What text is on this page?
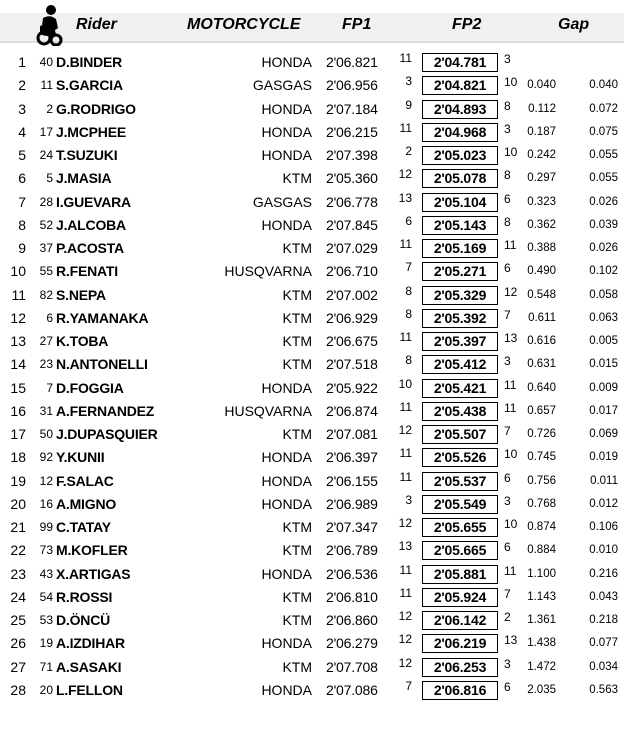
Rider	MOTORCYCLE	FP1	FP2	Gap
1 40 D.BINDER	HONDA 2'06.821 11	2'04.781	3
2 11 S.GARCIA	GASGAS 2'06.956 3	2'04.821	10 0.040	0.040
3 2 G.RODRIGO	HONDA 2'07.184 9	2'04.893	8 0.112	0.072
4 17 J.MCPHEE	HONDA 2'06.215 11	2'04.968	3 0.187	0.075
5 24 T.SUZUKI	HONDA 2'07.398 2	2'05.023	10 0.242	0.055
6 5 J.MASIA	KTM 2'05.360 12	2'05.078	8 0.297	0.055
7 28 I.GUEVARA	GASGAS 2'06.778 13	2'05.104	6 0.323	0.026
8 52 J.ALCOBA	HONDA 2'07.845 6	2'05.143	8 0.362	0.039
9 37 P.ACOSTA	KTM 2'07.029 11	2'05.169	11 0.388	0.026
10 55 R.FENATI	HUSQVARNA 2'06.710 7	2'05.271	6 0.490	0.102
11 82 S.NEPA	KTM 2'07.002 8	2'05.329	12 0.548	0.058
12 6 R.YAMANAKA	KTM 2'06.929 8	2'05.392	7 0.611	0.063
13 27 K.TOBA	KTM 2'06.675 11	2'05.397	13 0.616	0.005
14 23 N.ANTONELLI	KTM 2'07.518 8	2'05.412	3 0.631	0.015
15 7 D.FOGGIA	HONDA 2'05.922 10	2'05.421	11 0.640	0.009
16 31 A.FERNANDEZ	HUSQVARNA 2'06.874 11	2'05.438	11 0.657	0.017
17 50 J.DUPASQUIER	KTM 2'07.081 12	2'05.507	7 0.726	0.069
18 92 Y.KUNII	HONDA 2'06.397 11	2'05.526	10 0.745	0.019
19 12 F.SALAC	HONDA 2'06.155 11	2'05.537	6 0.756	0.011
20 16 A.MIGNO	HONDA 2'06.989 3	2'05.549	3 0.768	0.012
21 99 C.TATAY	KTM 2'07.347 12	2'05.655	10 0.874	0.106
22 73 M.KOFLER	KTM 2'06.789 13	2'05.665	6 0.884	0.010
23 43 X.ARTIGAS	HONDA 2'06.536 11	2'05.881	11 1.100	0.216
24 54 R.ROSSI	KTM 2'06.810 11	2'05.924	7 1.143	0.043
25 53 D.ÖNCÜ	KTM 2'06.860 12	2'06.142	2 1.361	0.218
26 19 A.IZDIHAR	HONDA 2'06.279 12	2'06.219	13 1.438	0.077
27 71 A.SASAKI	KTM 2'07.708 12	2'06.253	3 1.472	0.034
28 20 L.FELLON	HONDA 2'07.086 7	2'06.816	6 2.035	0.563
